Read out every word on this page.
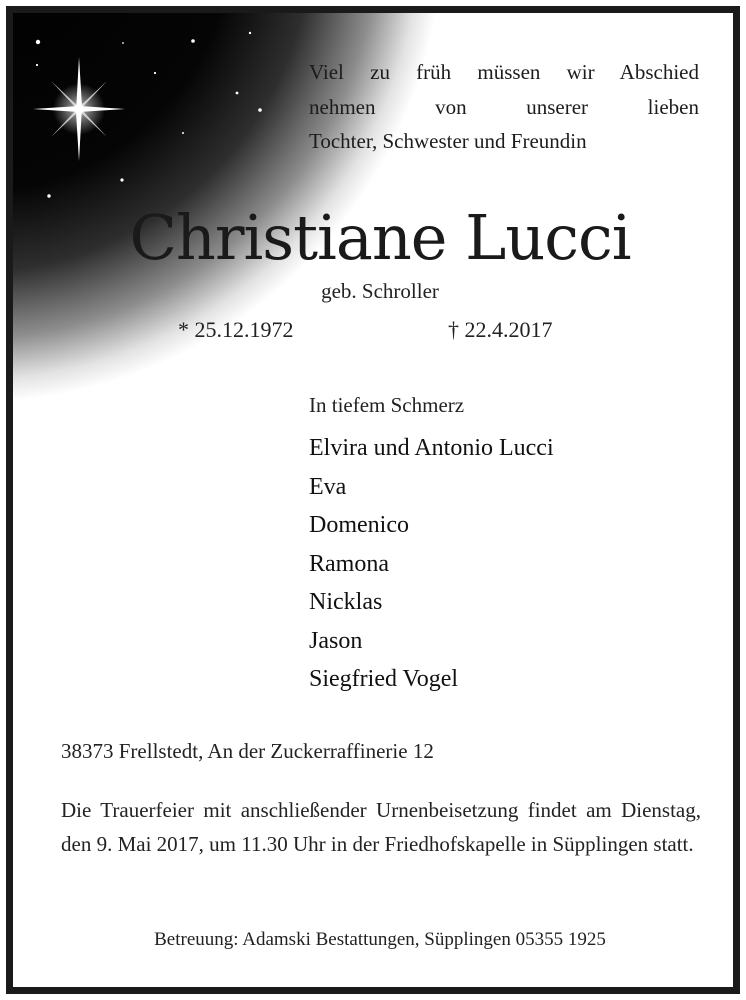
Viel zu früh müssen wir Abschied
nehmen von unserer lieben
Tochter, Schwester und Freundin
Christiane Lucci
geb. Schroller
* 25.12.1972	† 22.4.2017
In tiefem Schmerz
Elvira und Antonio Lucci
Eva
Domenico
Ramona
Nicklas
Jason
Siegfried Vogel
38373 Frellstedt, An der Zuckerraffinerie 12
Die Trauerfeier mit anschließender Urnenbeisetzung findet am Dienstag, den 9. Mai 2017, um 11.30 Uhr in der Friedhofskapelle in Süpplingen statt.
Betreuung: Adamski Bestattungen, Süpplingen 05355 1925
